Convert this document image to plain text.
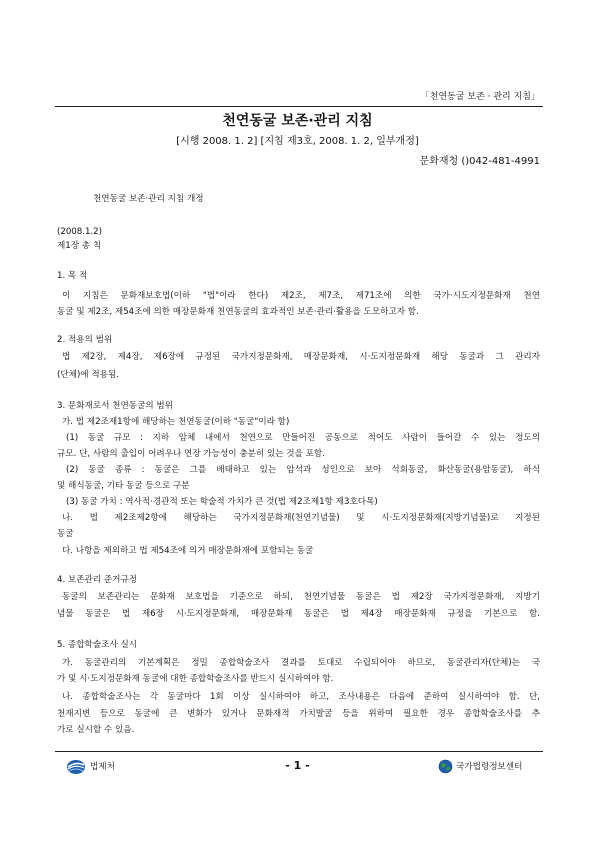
「천연동굴 보존 · 관리 지침」
천연동굴 보존·관리 지침
[시행 2008. 1. 2] [지침 제3호, 2008. 1. 2, 일부개정]
문화재청 ()042-481-4991
천연동굴 보존·관리 지침 개정
(2008.1.2)
제1장 총 칙
1. 목 적
이 지침은 문화재보호법(이하 "법"이라 한다) 제2조, 제7조, 제71조에 의한 국가·시도지정문화재 천연
동굴 및 제2조, 제54조에 의한 매장문화재 천연동굴의 효과적인 보존·관리·활용을 도모하고자 함.
2. 적용의 범위
법 제2장, 제4장, 제6장에 규정된 국가지정문화재, 매장문화재, 시·도지정문화재 해당 동굴과 그 관리자
(단체)에 적용됨.
3. 문화재로서 천연동굴의 범위
가. 법 제2조제1항에 해당하는 천연동굴(이하 "동굴"이라 함)
(1) 동굴 규모 : 지하 암체 내에서 천연으로 만들어진 공동으로 적어도 사람이 들어갈 수 있는 정도의
규모. 단, 사람의 출입이 어려우나 연장 가능성이 충분히 있는 것을 포함.
(2) 동굴 종류 : 동굴은 그를 배태하고 있는 암석과 성인으로 보아 석회동굴, 화산동굴(용암동굴), 하식
및 해식동굴, 기타 동굴 등으로 구분
(3) 동굴 가치 : 역사적·경관적 또는 학술적 가치가 큰 것(법 제2조제1항 제3호다목)
나. 법 제2조제2항에 해당하는 국가지정문화재(천연기념물) 및 시·도지정문화재(지방기념물)로 지정된
동굴
다. 나항을 제외하고 법 제54조에 의거 매장문화재에 포함되는 동굴
4. 보존관리 준거규정
동굴의 보존관리는 문화재 보호법을 기준으로 하되, 천연기념물 동굴은 법 제2장 국가지정문화재, 지방기
념물 동굴은 법 제6장 시·도지정문화재, 매장문화재 동굴은 법 제4장 매장문화재 규정을 기본으로 함.
5. 종합학술조사 실시
가. 동굴관리의 기본계획은 정밀 종합학술조사 결과를 토대로 수립되어야 하므로, 동굴관리자(단체)는 국
가 및 시·도지정문화재 동굴에 대한 종합학술조사를 반드시 실시하여야 함.
나. 종합학술조사는 각 동굴마다 1회 이상 실시하여야 하고, 조사내용은 다음에 준하여 실시하여야 함. 단,
천재지변 등으로 동굴에 큰 변화가 있거나 문화재적 가치발굴 등을 위하여 필요한 경우 종합학술조사를 추
가로 실시할 수 있음.
법제처	- 1 -	국가법령정보센터
